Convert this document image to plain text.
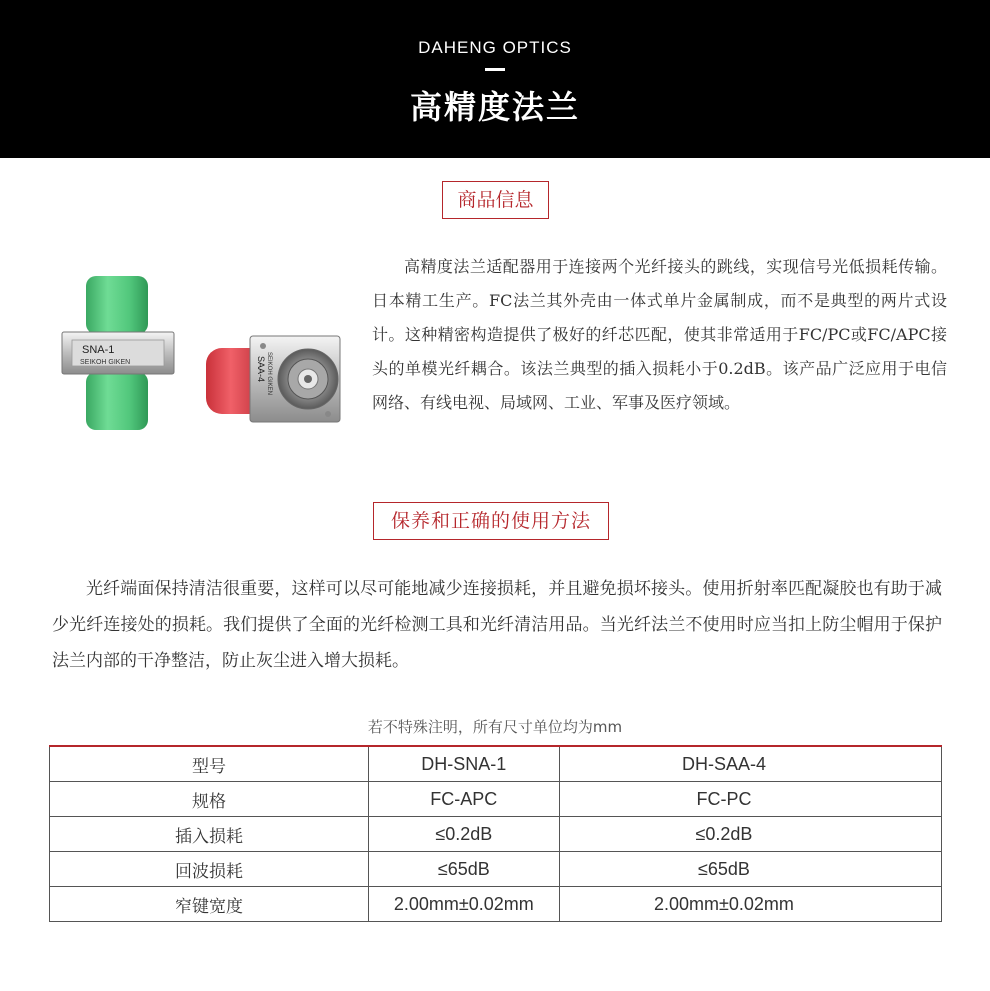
DAHENG OPTICS
高精度法兰
商品信息
SNA-1
SEIKOH GIKEN	SAA-4 SEIKOH GIKEN

高精度法兰适配器用于连接两个光纤接头的跳线，实现信号光低损耗传输。日本精工生产。FC法兰其外壳由一体式单片金属制成，而不是典型的两片式设计。这种精密构造提供了极好的纤芯匹配，使其非常适用于FC/PC或FC/APC接头的单模光纤耦合。该法兰典型的插入损耗小于0.2dB。该产品广泛应用于电信网络、有线电视、局域网、工业、军事及医疗领域。

保养和正确的使用方法

光纤端面保持清洁很重要，这样可以尽可能地减少连接损耗，并且避免损坏接头。使用折射率匹配凝胶也有助于减少光纤连接处的损耗。我们提供了全面的光纤检测工具和光纤清洁用品。当光纤法兰不使用时应当扣上防尘帽用于保护法兰内部的干净整洁，防止灰尘进入增大损耗。

若不特殊注明，所有尺寸单位均为mm
型号	DH-SNA-1	DH-SAA-4	
规格	FC-APC	FC-PC	
插入损耗	≤0.2dB	≤0.2dB	
回波损耗	≤65dB	≤65dB	
窄键宽度	2.00mm±0.02mm	2.00mm±0.02mm	
